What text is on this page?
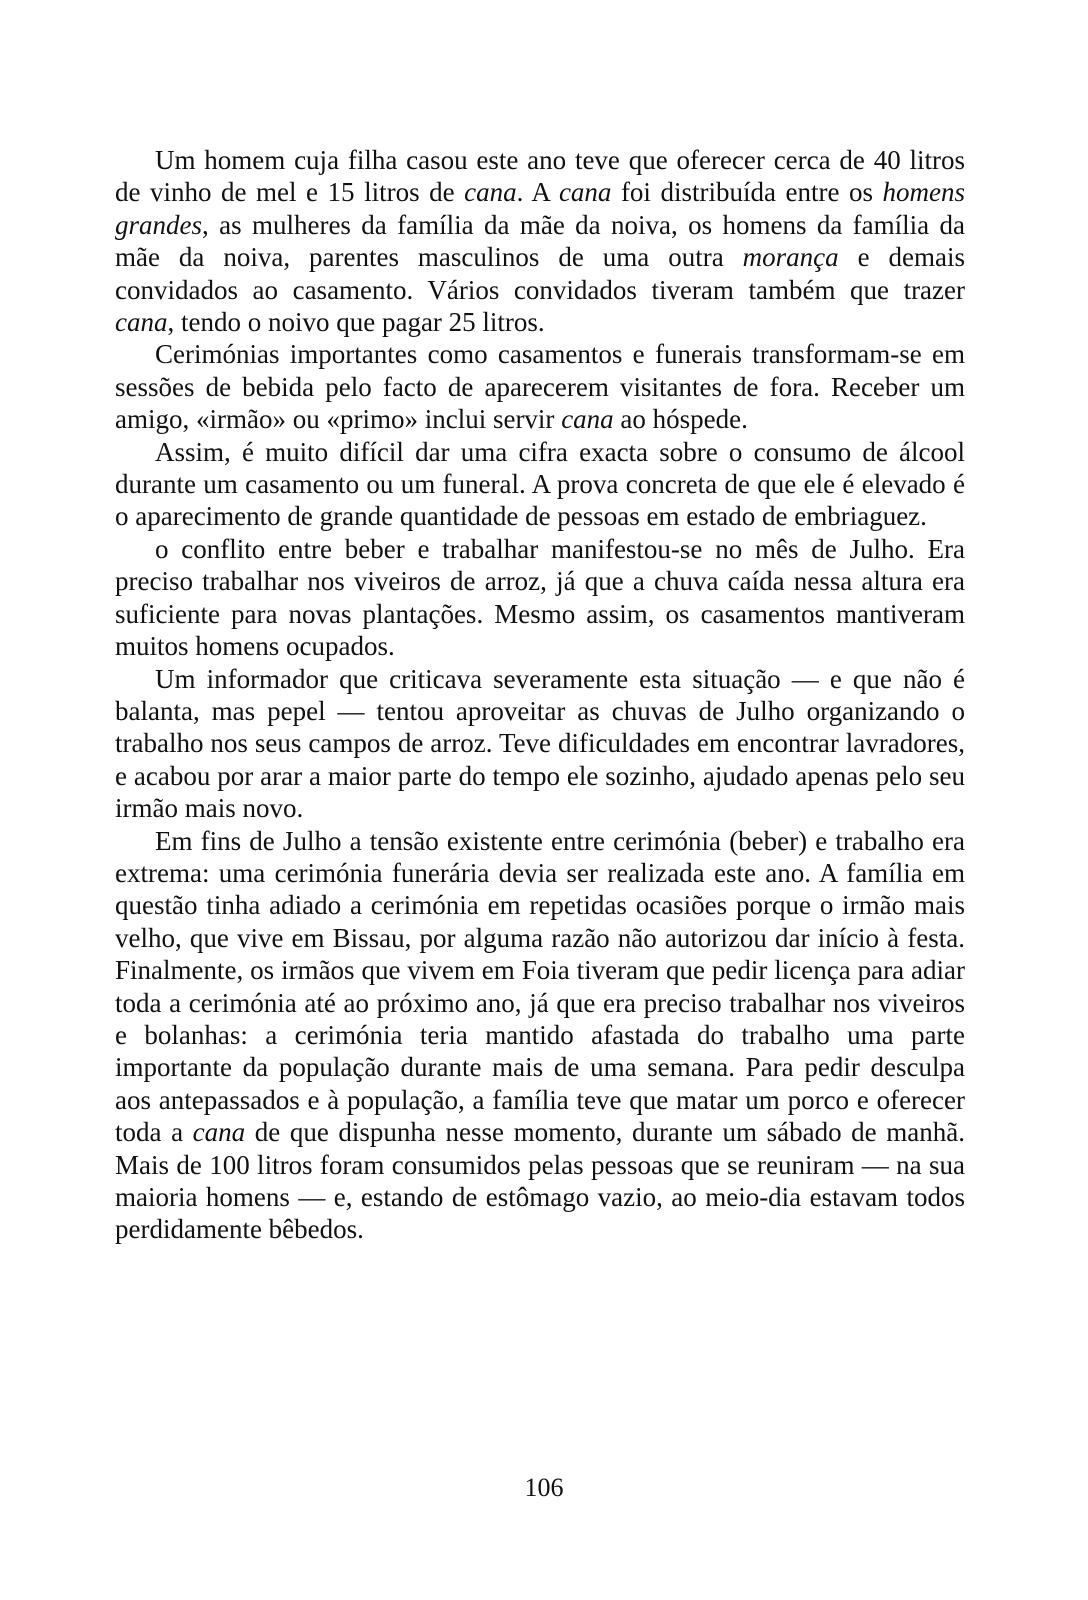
Um homem cuja filha casou este ano teve que oferecer cerca de 40 litros de vinho de mel e 15 litros de cana. A cana foi distribuída entre os homens grandes, as mulheres da família da mãe da noiva, os homens da família da mãe da noiva, parentes masculinos de uma outra morança e demais convidados ao casamento. Vários convidados tiveram também que trazer cana, tendo o noivo que pagar 25 litros.

Cerimónias importantes como casamentos e funerais transformam-se em sessões de bebida pelo facto de aparecerem visitantes de fora. Receber um amigo, «irmão» ou «primo» inclui servir cana ao hóspede.

Assim, é muito difícil dar uma cifra exacta sobre o consumo de álcool durante um casamento ou um funeral. A prova concreta de que ele é elevado é o aparecimento de grande quantidade de pessoas em estado de embriaguez.

o conflito entre beber e trabalhar manifestou-se no mês de Julho. Era preciso trabalhar nos viveiros de arroz, já que a chuva caída nessa altura era suficiente para novas plantações. Mesmo assim, os casamentos mantiveram muitos homens ocupados.

Um informador que criticava severamente esta situação — e que não é balanta, mas pepel — tentou aproveitar as chuvas de Julho organizando o trabalho nos seus campos de arroz. Teve dificuldades em encontrar lavradores, e acabou por arar a maior parte do tempo ele sozinho, ajudado apenas pelo seu irmão mais novo.

Em fins de Julho a tensão existente entre cerimónia (beber) e trabalho era extrema: uma cerimónia funerária devia ser realizada este ano. A família em questão tinha adiado a cerimónia em repetidas ocasiões porque o irmão mais velho, que vive em Bissau, por alguma razão não autorizou dar início à festa. Finalmente, os irmãos que vivem em Foia tiveram que pedir licença para adiar toda a cerimónia até ao próximo ano, já que era preciso trabalhar nos viveiros e bolanhas: a cerimónia teria mantido afastada do trabalho uma parte importante da população durante mais de uma semana. Para pedir desculpa aos antepassados e à população, a família teve que matar um porco e oferecer toda a cana de que dispunha nesse momento, durante um sábado de manhã. Mais de 100 litros foram consumidos pelas pessoas que se reuniram — na sua maioria homens — e, estando de estômago vazio, ao meio-dia estavam todos perdidamente bêbedos.

106
